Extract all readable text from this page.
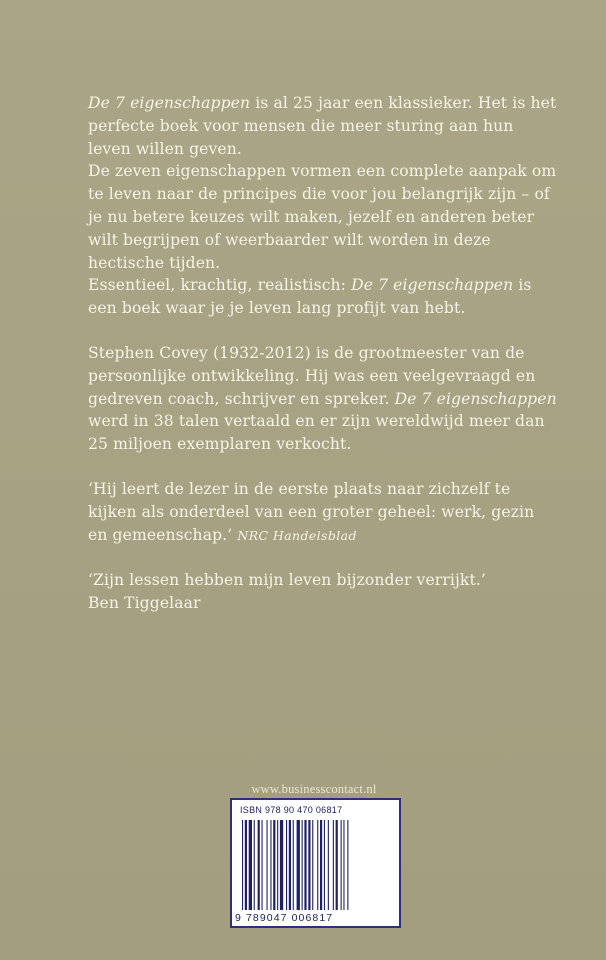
De 7 eigenschappen is al 25 jaar een klassieker. Het is het perfecte boek voor mensen die meer sturing aan hun leven willen geven.

De zeven eigenschappen vormen een complete aanpak om te leven naar de principes die voor jou belangrijk zijn – of je nu betere keuzes wilt maken, jezelf en anderen beter wilt begrijpen of weerbaarder wilt worden in deze hectische tijden.

Essentieel, krachtig, realistisch: De 7 eigenschappen is een boek waar je je leven lang profijt van hebt.

Stephen Covey (1932-2012) is de grootmeester van de persoonlijke ontwikkeling. Hij was een veelgevraagd en gedreven coach, schrijver en spreker. De 7 eigenschappen werd in 38 talen vertaald en er zijn wereldwijd meer dan 25 miljoen exemplaren verkocht.

‘Hij leert de lezer in de eerste plaats naar zichzelf te kijken als onderdeel van een groter geheel: werk, gezin en gemeenschap.’ NRC Handelsblad

‘Zijn lessen hebben mijn leven bijzonder verrijkt.’
Ben Tiggelaar

www.businesscontact.nl
ISBN 978 90 470 06817
9 789047 006817
